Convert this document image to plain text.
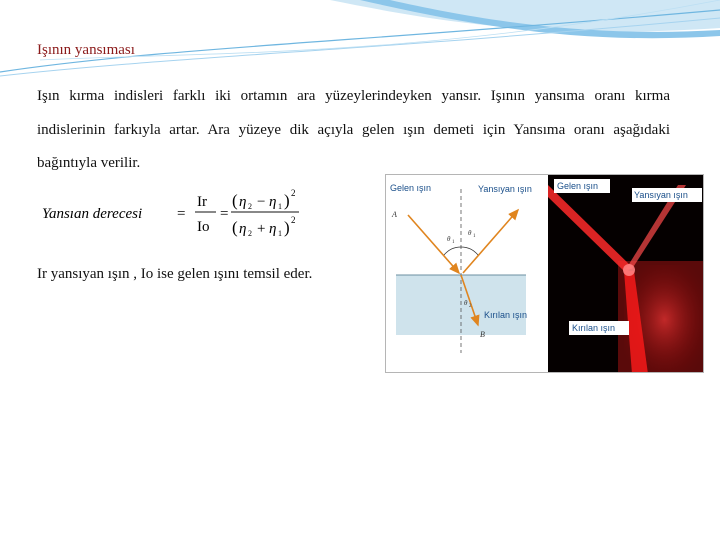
Işının yansıması

Işın kırma indisleri farklı iki ortamın ara yüzeylerindeyken yansır. Işının yansıma oranı kırma indislerinin farkıyla artar. Ara yüzeye dik açıyla gelen ışın demeti için Yansıma oranı aşağıdaki bağıntıyla verilir.

Yansıan derecesi =
Ir
Io
=
( η 2 − η 1 ) 2
( η 2 + η 1 ) 2
Ir yansıyan ışın , Io ise gelen ışını temsil eder.
Gelen ışın	Yansıyan ışın
Kırılan ışın
A
B
θ 1
θ 1
θ 2
Gelen ışın
Yansıyan ışın
Kırılan ışın
